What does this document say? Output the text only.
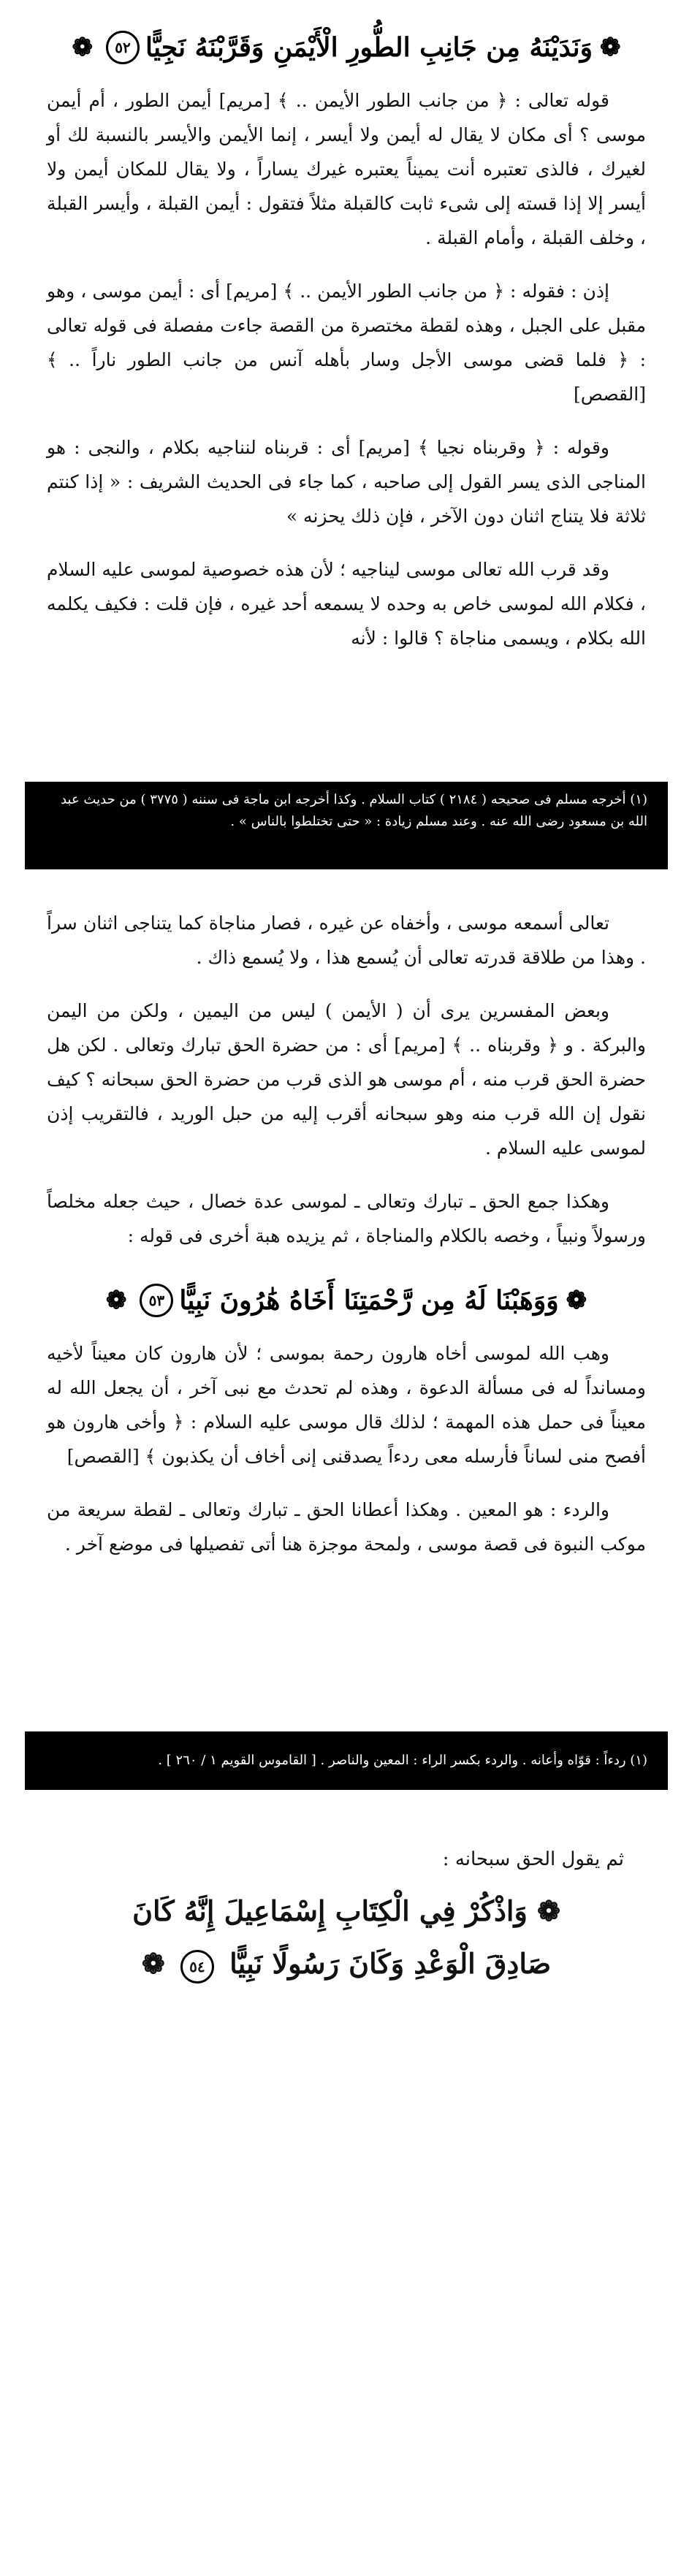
❁
وَنَدَيْنَهُ مِن جَانِبِ الطُّورِ الْأَيْمَنِ وَقَرَّبْنَهُ نَجِيًّا
٥٢
❁
قوله تعالى : ﴿ من جانب الطور الأيمن .. ﴾ [مريم] أيمن الطور ، أم أيمن موسى ؟ أى مكان لا يقال له أيمن ولا أيسر ، إنما الأيمن والأيسر بالنسبة لك أو لغيرك ، فالذى تعتبره أنت يميناً يعتبره غيرك يساراً ، ولا يقال للمكان أيمن ولا أيسر إلا إذا قسته إلى شىء ثابت كالقبلة مثلاً فتقول : أيمن القبلة ، وأيسر القبلة ، وخلف القبلة ، وأمام القبلة .
إذن : فقوله : ﴿ من جانب الطور الأيمن .. ﴾ [مريم] أى : أيمن موسى ، وهو مقبل على الجبل ، وهذه لقطة مختصرة من القصة جاءت مفصلة فى قوله تعالى : ﴿ فلما قضى موسى الأجل وسار بأهله آنس من جانب الطور ناراً .. ﴾ [القصص]
وقوله : ﴿ وقربناه نجيا ﴾ [مريم] أى : قربناه لنناجيه بكلام ، والنجى : هو المناجى الذى يسر القول إلى صاحبه ، كما جاء فى الحديث الشريف : « إذا كنتم ثلاثة فلا يتناج اثنان دون الآخر ، فإن ذلك يحزنه »
وقد قرب الله تعالى موسى ليناجيه ؛ لأن هذه خصوصية لموسى عليه السلام ، فكلام الله لموسى خاص به وحده لا يسمعه أحد غيره ، فإن قلت : فكيف يكلمه الله بكلام ، ويسمى مناجاة ؟ قالوا : لأنه
(١) أخرجه مسلم فى صحيحه ( ٢١٨٤ ) كتاب السلام . وكذا أخرجه ابن ماجة فى سننه ( ٣٧٧٥ ) من حديث عبد الله بن مسعود رضى الله عنه . وعند مسلم زيادة : « حتى تختلطوا بالناس » .
تعالى أسمعه موسى ، وأخفاه عن غيره ، فصار مناجاة كما يتناجى اثنان سراً . وهذا من طلاقة قدرته تعالى أن يُسمع هذا ، ولا يُسمع ذاك .
وبعض المفسرين يرى أن ( الأيمن ) ليس من اليمين ، ولكن من اليمن والبركة . و ﴿ وقربناه .. ﴾ [مريم] أى : من حضرة الحق تبارك وتعالى . لكن هل حضرة الحق قرب منه ، أم موسى هو الذى قرب من حضرة الحق سبحانه ؟ كيف نقول إن الله قرب منه وهو سبحانه أقرب إليه من حبل الوريد ، فالتقريب إذن لموسى عليه السلام .
وهكذا جمع الحق ـ تبارك وتعالى ـ لموسى عدة خصال ، حيث جعله مخلصاً ورسولاً ونبياً ، وخصه بالكلام والمناجاة ، ثم يزيده هبة أخرى فى قوله :
❁
وَوَهَبْنَا لَهُ مِن رَّحْمَتِنَا أَخَاهُ هَٰرُونَ نَبِيًّا
٥٣
❁
وهب الله لموسى أخاه هارون رحمة بموسى ؛ لأن هارون كان معيناً لأخيه ومسانداً له فى مسألة الدعوة ، وهذه لم تحدث مع نبى آخر ، أن يجعل الله له معيناً فى حمل هذه المهمة ؛ لذلك قال موسى عليه السلام : ﴿ وأخى هارون هو أفصح منى لساناً فأرسله معى ردءاً يصدقنى إنى أخاف أن يكذبون ﴾ [القصص]
والردء : هو المعين . وهكذا أعطانا الحق ـ تبارك وتعالى ـ لقطة سريعة من موكب النبوة فى قصة موسى ، ولمحة موجزة هنا أتى تفصيلها فى موضع آخر .
(١) ردءاً : قوّاه وأعانه . والردء بكسر الراء : المعين والناصر . [ القاموس القويم ١ / ٢٦٠ ] .
ثم يقول الحق سبحانه :
❁ وَاذْكُرْ فِي الْكِتَابِ إِسْمَاعِيلَ إِنَّهُ كَانَ
صَادِقَ الْوَعْدِ وَكَانَ رَسُولًا نَبِيًّا ٥٤ ❁
